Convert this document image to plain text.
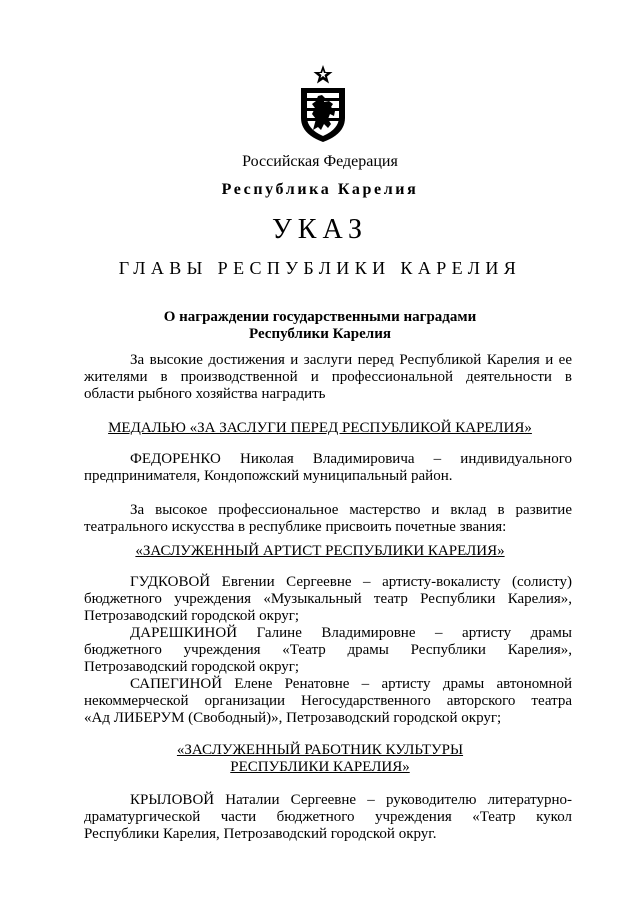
Российская Федерация
Республика Карелия
УКАЗ
ГЛАВЫ РЕСПУБЛИКИ КАРЕЛИЯ
О награждении государственными наградами
Республики Карелия
За высокие достижения и заслуги перед Республикой Карелия и ее
жителями в производственной и профессиональной деятельности в
области рыбного хозяйства наградить
МЕДАЛЬЮ «ЗА ЗАСЛУГИ ПЕРЕД РЕСПУБЛИКОЙ КАРЕЛИЯ»
ФЕДОРЕНКО Николая Владимировича – индивидуального
предпринимателя, Кондопожский муниципальный район.
За высокое профессиональное мастерство и вклад в развитие
театрального искусства в республике присвоить почетные звания:
«ЗАСЛУЖЕННЫЙ АРТИСТ РЕСПУБЛИКИ КАРЕЛИЯ»
ГУДКОВОЙ Евгении Сергеевне – артисту-вокалисту (солисту)
бюджетного учреждения «Музыкальный театр Республики Карелия»,
Петрозаводский городской округ;
ДАРЕШКИНОЙ Галине Владимировне – артисту драмы
бюджетного учреждения «Театр драмы Республики Карелия»,
Петрозаводский городской округ;
САПЕГИНОЙ Елене Ренатовне – артисту драмы автономной
некоммерческой организации Негосударственного авторского театра
«Ад ЛИБЕРУМ (Свободный)», Петрозаводский городской округ;
«ЗАСЛУЖЕННЫЙ РАБОТНИК КУЛЬТУРЫ
РЕСПУБЛИКИ КАРЕЛИЯ»
КРЫЛОВОЙ Наталии Сергеевне – руководителю литературно-
драматургической части бюджетного учреждения «Театр кукол
Республики Карелия, Петрозаводский городской округ.
